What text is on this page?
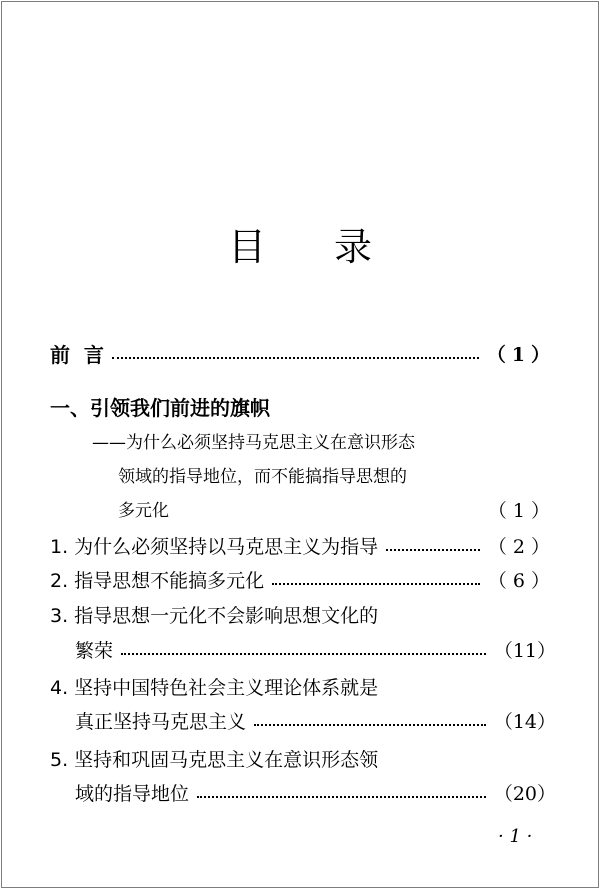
目 录
前  言	（1）
一、引领我们前进的旗帜
——为什么必须坚持马克思主义在意识形态
领域的指导地位，而不能搞指导思想的
多元化	（1）
1. 为什么必须坚持以马克思主义为指导	（2）
2. 指导思想不能搞多元化	（6）
3. 指导思想一元化不会影响思想文化的
繁荣	（11）
4. 坚持中国特色社会主义理论体系就是
真正坚持马克思主义	（14）
5. 坚持和巩固马克思主义在意识形态领
域的指导地位	（20）
· 1 ·
